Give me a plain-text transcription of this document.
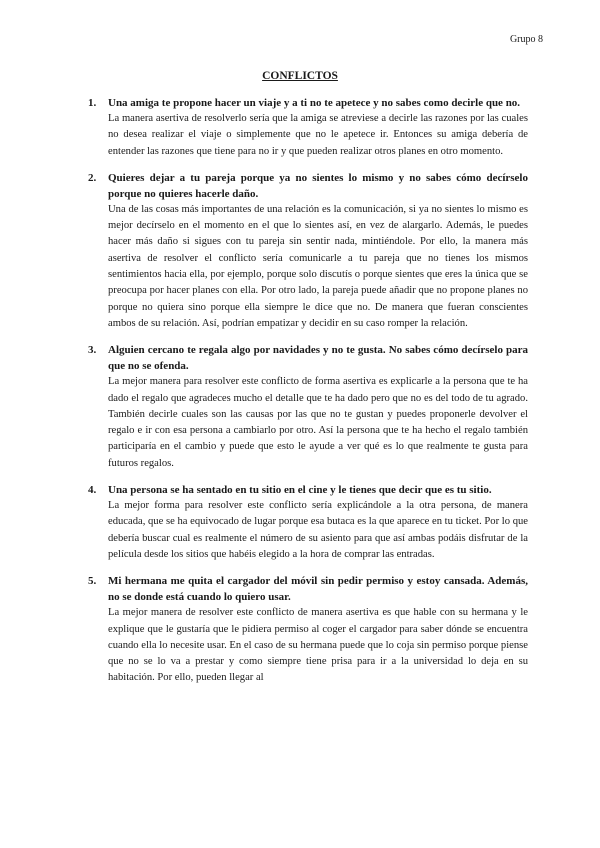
Grupo 8
CONFLICTOS
1. Una amiga te propone hacer un viaje y a ti no te apetece y no sabes como decirle que no.

La manera asertiva de resolverlo sería que la amiga se atreviese a decirle las razones por las cuales no desea realizar el viaje o simplemente que no le apetece ir. Entonces su amiga debería de entender las razones que tiene para no ir y que pueden realizar otros planes en otro momento.

2. Quieres dejar a tu pareja porque ya no sientes lo mismo y no sabes cómo decírselo porque no quieres hacerle daño.

Una de las cosas más importantes de una relación es la comunicación, si ya no sientes lo mismo es mejor decírselo en el momento en el que lo sientes así, en vez de alargarlo. Además, le puedes hacer más daño si sigues con tu pareja sin sentir nada, mintiéndole. Por ello, la manera más asertiva de resolver el conflicto sería comunicarle a tu pareja que no tienes los mismos sentimientos hacia ella, por ejemplo, porque solo discutís o porque sientes que eres la única que se preocupa por hacer planes con ella. Por otro lado, la pareja puede añadir que no propone planes no porque no quiera sino porque ella siempre le dice que no. De manera que fueran conscientes ambos de su relación. Así, podrían empatizar y decidir en su caso romper la relación.

3. Alguien cercano te regala algo por navidades y no te gusta. No sabes cómo decírselo para que no se ofenda.

La mejor manera para resolver este conflicto de forma asertiva es explicarle a la persona que te ha dado el regalo que agradeces mucho el detalle que te ha dado pero que no es del todo de tu agrado. También decirle cuales son las causas por las que no te gustan y puedes proponerle devolver el regalo e ir con esa persona a cambiarlo por otro. Así la persona que te ha hecho el regalo también participaría en el cambio y puede que esto le ayude a ver qué es lo que realmente te gusta para futuros regalos.

4. Una persona se ha sentado en tu sitio en el cine y le tienes que decir que es tu sitio.

La mejor forma para resolver este conflicto sería explicándole a la otra persona, de manera educada, que se ha equivocado de lugar porque esa butaca es la que aparece en tu ticket. Por lo que debería buscar cual es realmente el número de su asiento para que así ambas podáis disfrutar de la película desde los sitios que habéis elegido a la hora de comprar las entradas.

5. Mi hermana me quita el cargador del móvil sin pedir permiso y estoy cansada. Además, no se donde está cuando lo quiero usar.

La mejor manera de resolver este conflicto de manera asertiva es que hable con su hermana y le explique que le gustaría que le pidiera permiso al coger el cargador para saber dónde se encuentra cuando ella lo necesite usar. En el caso de su hermana puede que lo coja sin permiso porque piense que no se lo va a prestar y como siempre tiene prisa para ir a la universidad lo deja en su habitación. Por ello, pueden llegar al
